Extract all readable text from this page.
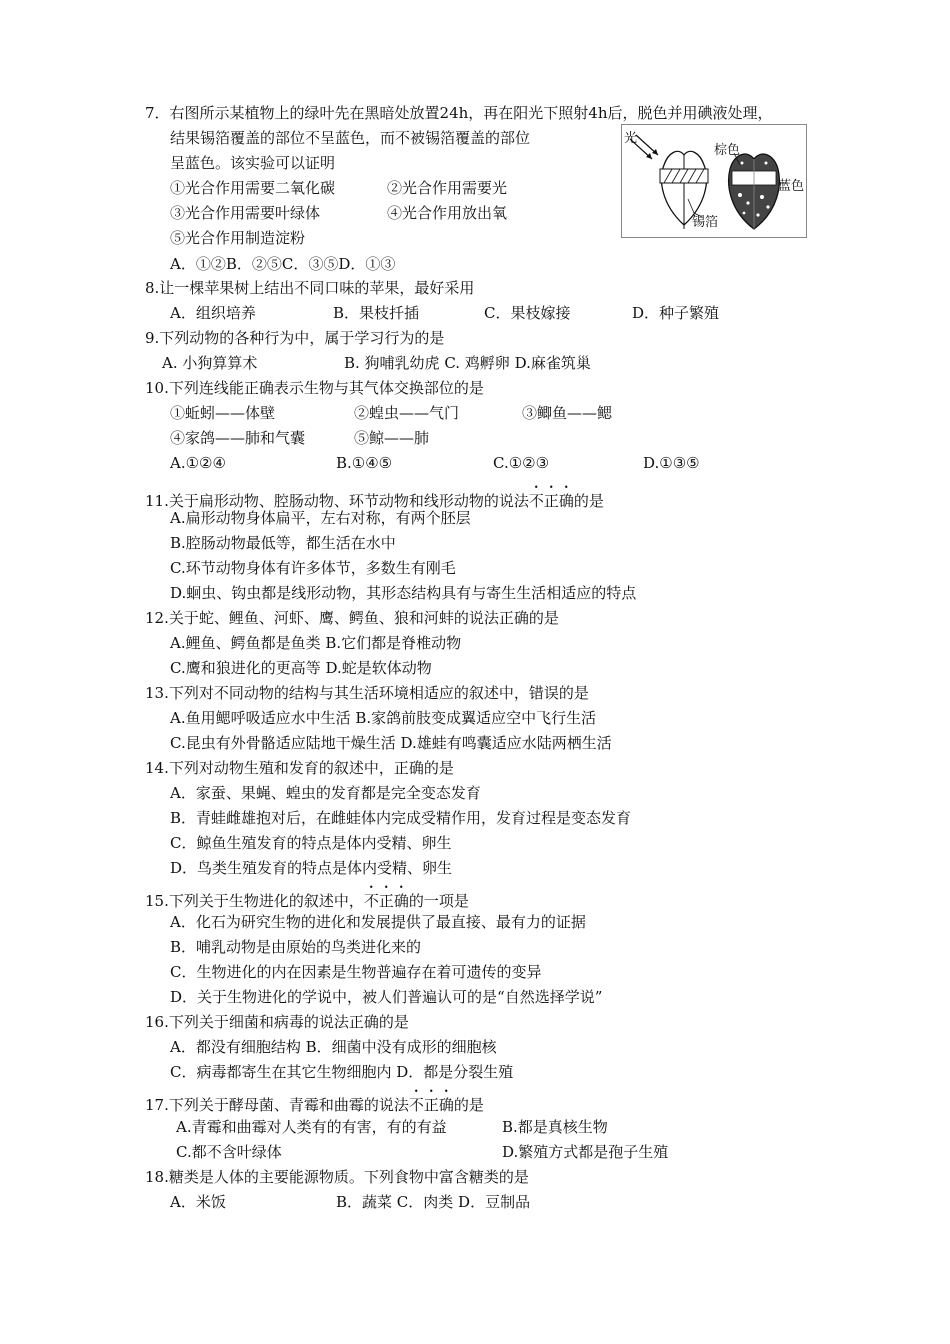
7．右图所示某植物上的绿叶先在黑暗处放置24h，再在阳光下照射4h后，脱色并用碘液处理，
结果锡箔覆盖的部位不呈蓝色，而不被锡箔覆盖的部位
呈蓝色。该实验可以证明
①光合作用需要二氧化碳	②光合作用需要光
③光合作用需要叶绿体	④光合作用放出氧
⑤光合作用制造淀粉
A．①②B．②⑤C．③⑤D．①③
光
棕色
蓝色
锡箔
8.让一棵苹果树上结出不同口味的苹果，最好采用
A．组织培养	B．果枝扦插	C．果枝嫁接	D．种子繁殖
9.下列动物的各种行为中，属于学习行为的是
A. 小狗算算术	B. 狗哺乳幼虎 C. 鸡孵卵 D.麻雀筑巢
10.下列连线能正确表示生物与其气体交换部位的是
①蚯蚓——体壁	②蝗虫——气门	③鲫鱼——鳃
④家鸽——肺和气囊	⑤鲸——肺
A.①②④	B.①④⑤	C.①②③	D.①③⑤
11.关于扁形动物、腔肠动物、环节动物和线形动物的说法不正确的是
A.扁形动物身体扁平，左右对称，有两个胚层
B.腔肠动物最低等，都生活在水中
C.环节动物身体有许多体节，多数生有刚毛
D.蛔虫、钩虫都是线形动物，其形态结构具有与寄生生活相适应的特点
12.关于蛇、鲤鱼、河虾、鹰、鳄鱼、狼和河蚌的说法正确的是
A.鲤鱼、鳄鱼都是鱼类 B.它们都是脊椎动物
C.鹰和狼进化的更高等 D.蛇是软体动物
13.下列对不同动物的结构与其生活环境相适应的叙述中，错误的是
A.鱼用鳃呼吸适应水中生活 B.家鸽前肢变成翼适应空中飞行生活
C.昆虫有外骨骼适应陆地干燥生活 D.雄蛙有鸣囊适应水陆两栖生活
14.下列对动物生殖和发育的叙述中，正确的是
A．家蚕、果蝇、蝗虫的发育都是完全变态发育
B．青蛙雌雄抱对后，在雌蛙体内完成受精作用，发育过程是变态发育
C．鲸鱼生殖发育的特点是体内受精、卵生
D．鸟类生殖发育的特点是体内受精、卵生
15.下列关于生物进化的叙述中，不正确的一项是
A．化石为研究生物的进化和发展提供了最直接、最有力的证据
B．哺乳动物是由原始的鸟类进化来的
C．生物进化的内在因素是生物普遍存在着可遗传的变异
D．关于生物进化的学说中，被人们普遍认可的是“自然选择学说”
16.下列关于细菌和病毒的说法正确的是
A．都没有细胞结构 B．细菌中没有成形的细胞核
C．病毒都寄生在其它生物细胞内 D．都是分裂生殖
17.下列关于酵母菌、青霉和曲霉的说法不正确的是
A.青霉和曲霉对人类有的有害，有的有益	B.都是真核生物
C.都不含叶绿体	D.繁殖方式都是孢子生殖
18.糖类是人体的主要能源物质。下列食物中富含糖类的是
A．米饭	B．蔬菜 C．肉类 D．豆制品
